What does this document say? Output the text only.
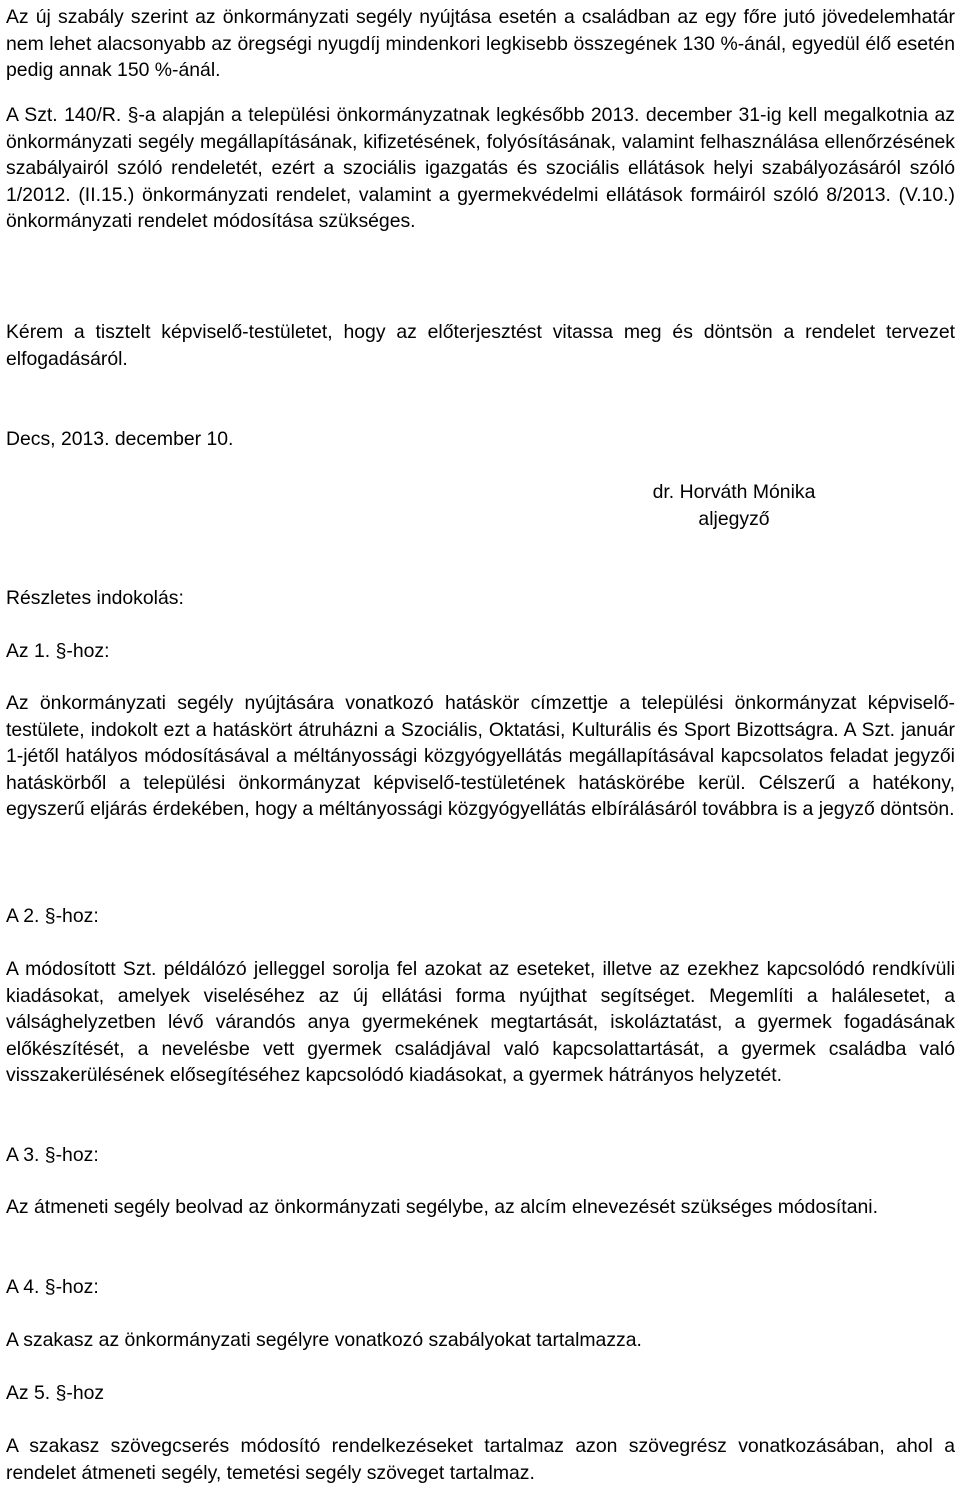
Az új szabály szerint az önkormányzati segély nyújtása esetén a családban az egy főre jutó jövedelemhatár nem lehet alacsonyabb az öregségi nyugdíj mindenkori legkisebb összegének 130 %-ánál, egyedül élő esetén pedig annak 150 %-ánál.
A Szt. 140/R. §-a alapján a települési önkormányzatnak legkésőbb 2013. december 31-ig kell megalkotnia az önkormányzati segély megállapításának, kifizetésének, folyósításának, valamint felhasználása ellenőrzésének szabályairól szóló rendeletét, ezért a szociális igazgatás és szociális ellátások helyi szabályozásáról szóló 1/2012. (II.15.) önkormányzati rendelet, valamint a gyermekvédelmi ellátások formáiról szóló 8/2013. (V.10.) önkormányzati rendelet módosítása szükséges.
Kérem a tisztelt képviselő-testületet, hogy az előterjesztést vitassa meg és döntsön a rendelet tervezet elfogadásáról.
Decs, 2013. december 10.
dr. Horváth Mónika
aljegyző
Részletes indokolás:
Az 1. §-hoz:
Az önkormányzati segély nyújtására vonatkozó hatáskör címzettje a települési önkormányzat képviselő-testülete, indokolt ezt a hatáskört átruházni a Szociális, Oktatási, Kulturális és Sport Bizottságra. A Szt. január 1-jétől hatályos módosításával a méltányossági közgyógyellátás megállapításával kapcsolatos feladat jegyzői hatáskörből a települési önkormányzat képviselő-testületének hatáskörébe kerül. Célszerű a hatékony, egyszerű eljárás érdekében, hogy a méltányossági közgyógyellátás elbírálásáról továbbra is a jegyző döntsön.
A 2. §-hoz:
A módosított Szt. példálózó jelleggel sorolja fel azokat az eseteket, illetve az ezekhez kapcsolódó rendkívüli kiadásokat, amelyek viseléséhez az új ellátási forma nyújthat segítséget. Megemlíti a halálesetet, a válsághelyzetben lévő várandós anya gyermekének megtartását, iskoláztatást, a gyermek fogadásának előkészítését, a nevelésbe vett gyermek családjával való kapcsolattartását, a gyermek családba való visszakerülésének elősegítéséhez kapcsolódó kiadásokat, a gyermek hátrányos helyzetét.
A 3. §-hoz:
Az átmeneti segély beolvad az önkormányzati segélybe, az alcím elnevezését szükséges módosítani.
A 4. §-hoz:
A szakasz az önkormányzati segélyre vonatkozó szabályokat tartalmazza.
Az 5. §-hoz
A szakasz szövegcserés módosító rendelkezéseket tartalmaz azon szövegrész vonatkozásában, ahol a rendelet átmeneti segély, temetési segély szöveget tartalmaz.
